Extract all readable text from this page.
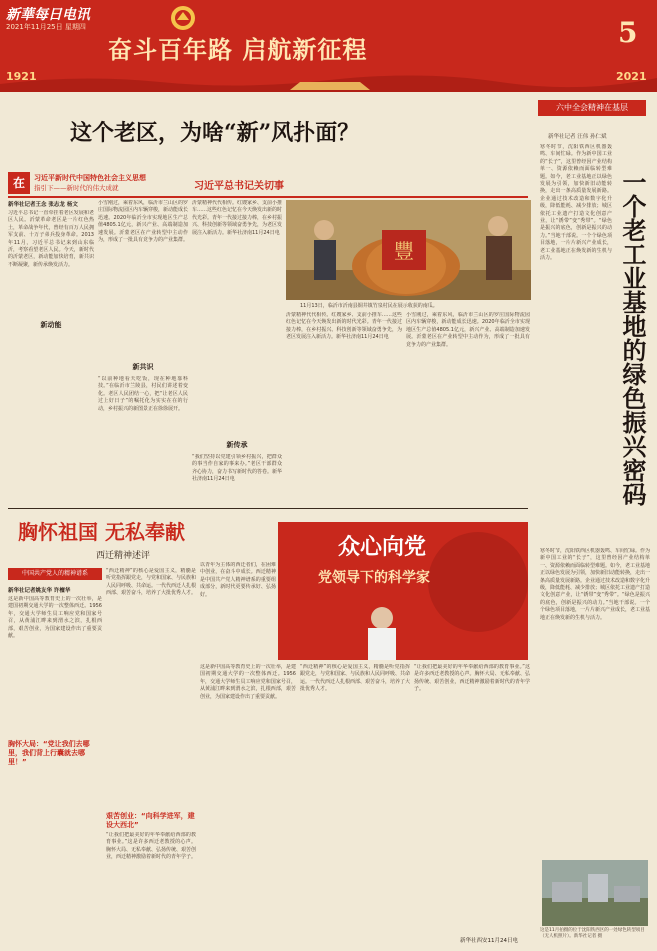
新華每日电讯
2021年11月25日 星期四
奋斗百年路 启航新征程
1921	2021
5
六中全会精神在基层
这个老区，为啥“新”风扑面？
在	习近平新时代中国特色社会主义思想
指引下——新时代的伟大成就	习近平总书记关切事
新华社记者王念 张志龙 杨文
习近平总书记一直牵挂着老区发展和老区人民。沂蒙革命老区是一片红色热土，革命战争年代，曾经有百万人民拥军支前、十万子弟兵投身革命。2013年11月，习近平总书记来到山东临沂，考察看望老区人民。今天，新时代的沂蒙老区，新动能加快培育，新共识不断凝聚，新传承焕发活力。
新动能
小雪刚过，乘着东风，临沂市兰山区的罗庄国际物流园区内车辆穿梭，新动能成长迅速。2020年临沂全市实现地区生产总值4805.1亿元，新兴产业、高端制造加速发展。沂蒙老区在产业转型中主动作为，形成了一批具有竞争力的产业集群。
新共识
“以前种地看天吃饭，现在种地靠科技。”在临沂市兰陵县，村民们讲述着变化。老区人民团结一心，把“让老区人民过上好日子”的嘱托化为实实在在的行动，乡村振兴的新图景正在徐徐展开。
沂蒙精神代代相传。红嫂家乡、支前小推车……这些红色记忆在今天焕发出新的时代光彩。青年一代接过接力棒，在乡村振兴、科技创新等领域奋勇争先，为老区发展注入新活力。新华社济南11月24日电
新传承
“我们坚持以党建引领乡村振兴，把群众的事当作自家的事来办。”老区干部群众齐心协力，奋力书写新时代的答卷。新华社济南11月24日电
豐
11月13日，临沂市沂南县铜井镇竹泉村民在展示收获的南瓜。
沂蒙精神代代相传。红嫂家乡、支前小推车……这些红色记忆在今天焕发出新的时代光彩。青年一代接过接力棒，在乡村振兴、科技创新等领域奋勇争先，为老区发展注入新活力。新华社济南11月24日电
小雪刚过，乘着东风，临沂市兰山区的罗庄国际物流园区内车辆穿梭，新动能成长迅速。2020年临沂全市实现地区生产总值4805.1亿元，新兴产业、高端制造加速发展。沂蒙老区在产业转型中主动作为，形成了一批具有竞争力的产业集群。
新华社记者 汪伟 孙仁斌
寒冬时节，沈阳铁西区机器轰鸣、车间忙碌。作为新中国工业的“长子”，这里曾经因产业结构单一、资源依赖而面临转型难题。如今，老工业基地正以绿色发展为引领，加快新旧动能转换，走出一条高质量发展新路。企业通过技术改造和数字化升级，降低能耗、减少排放；城区依托工业遗产打造文化创意产业，让“锈带”变“秀带”。“绿色是振兴的底色，创新是振兴的动力。”当地干部说。一个个绿色项目落地，一片片新兴产业成长，老工业基地正在焕发新的生机与活力。	一个老工业基地的绿色振兴密码
寒冬时节，沈阳铁西区机器轰鸣、车间忙碌。作为新中国工业的“长子”，这里曾经因产业结构单一、资源依赖而面临转型难题。如今，老工业基地正以绿色发展为引领，加快新旧动能转换，走出一条高质量发展新路。企业通过技术改造和数字化升级，降低能耗、减少排放；城区依托工业遗产打造文化创意产业，让“锈带”变“秀带”。“绿色是振兴的底色，创新是振兴的动力。”当地干部说。一个个绿色项目落地，一片片新兴产业成长，老工业基地正在焕发新的生机与活力。
这是11月拍摄的位于沈阳铁西区的一处绿色转型项目（无人机照片）。新华社记者 摄
胸怀祖国 无私奉献
西迁精神述评
中国共产党人的精神谱系
新华社记者姚友华 许檀华
这是新中国高等教育史上的一次壮举，是建国初期交通大学的一次整体西迁。1956年，交通大学师生员工响应党和国家号召，从黄浦江畔来到渭水之滨，扎根西部，艰苦创业，为国家建设作出了重要贡献。
胸怀大局：“党让我们去哪里，我们背上行囊就去哪里！”
“西迁精神”的核心是爱国主义，精髓是听党指挥跟党走，与党和国家、与民族和人民同呼吸、共命运。一代代西迁人扎根西部、艰苦奋斗，培养了大批优秀人才。
艰苦创业：“向科学进军，建设大西北”
“让我们把最美好的年华奉献给西部的教育事业。”这是许多西迁老教授的心声。胸怀大局、无私奉献、弘扬传统、艰苦创业，西迁精神激励着新时代的青年学子。
众心向党
党领导下的科学家
以青年为主体的西迁者们，在困难中创业，在奋斗中成长。西迁精神是中国共产党人精神谱系的重要组成部分，新时代更要传承好、弘扬好。
这是新中国高等教育史上的一次壮举，是建国初期交通大学的一次整体西迁。1956年，交通大学师生员工响应党和国家号召，从黄浦江畔来到渭水之滨，扎根西部，艰苦创业，为国家建设作出了重要贡献。
“西迁精神”的核心是爱国主义，精髓是听党指挥跟党走，与党和国家、与民族和人民同呼吸、共命运。一代代西迁人扎根西部、艰苦奋斗，培养了大批优秀人才。
“让我们把最美好的年华奉献给西部的教育事业。”这是许多西迁老教授的心声。胸怀大局、无私奉献、弘扬传统、艰苦创业，西迁精神激励着新时代的青年学子。
新华社西安11月24日电
